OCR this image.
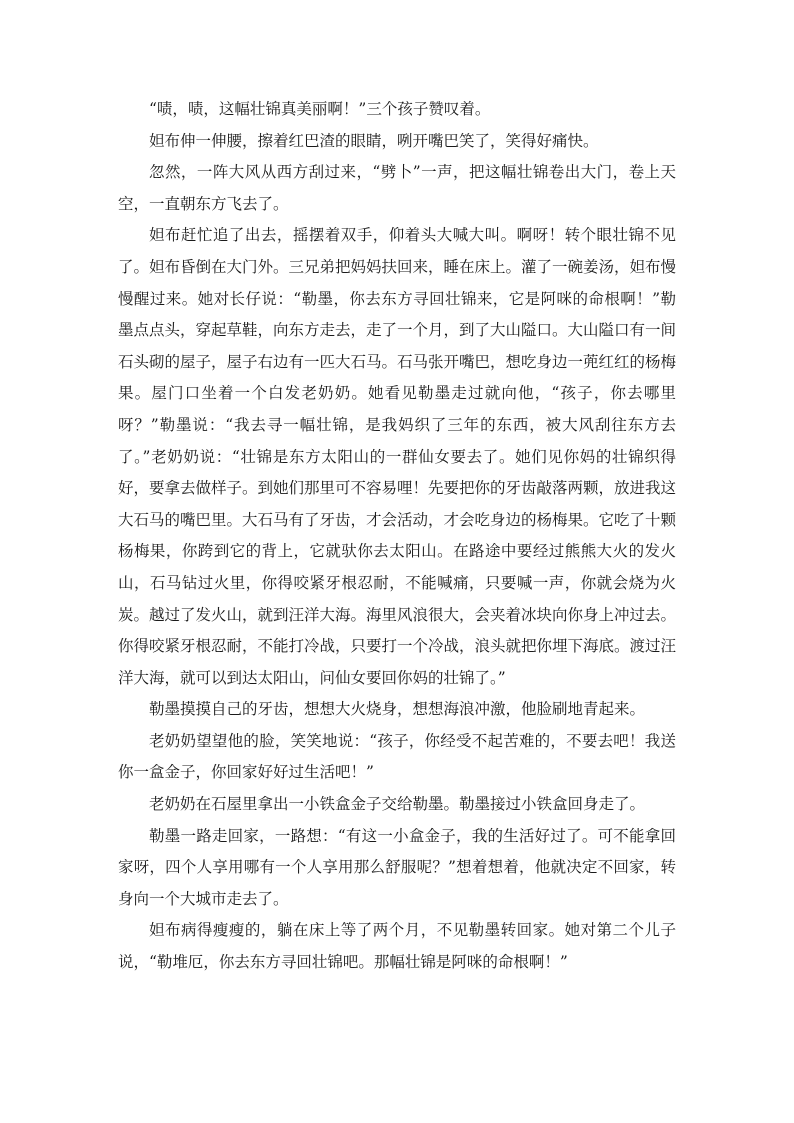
“啧，啧，这幅壮锦真美丽啊！”三个孩子赞叹着。

妲布伸一伸腰，擦着红巴渣的眼睛，咧开嘴巴笑了，笑得好痛快。

忽然，一阵大风从西方刮过来，“劈卜”一声，把这幅壮锦卷出大门，卷上天空，一直朝东方飞去了。

妲布赶忙追了出去，摇摆着双手，仰着头大喊大叫。啊呀！转个眼壮锦不见了。妲布昏倒在大门外。三兄弟把妈妈扶回来，睡在床上。灌了一碗姜汤，妲布慢慢醒过来。她对长仔说：“勒墨，你去东方寻回壮锦来，它是阿咪的命根啊！”勒墨点点头，穿起草鞋，向东方走去，走了一个月，到了大山隘口。大山隘口有一间石头砌的屋子，屋子右边有一匹大石马。石马张开嘴巴，想吃身边一蔸红红的杨梅果。屋门口坐着一个白发老奶奶。她看见勒墨走过就向他，“孩子，你去哪里呀？”勒墨说：“我去寻一幅壮锦，是我妈织了三年的东西，被大风刮往东方去了。”老奶奶说：“壮锦是东方太阳山的一群仙女要去了。她们见你妈的壮锦织得好，要拿去做样子。到她们那里可不容易哩！先要把你的牙齿敲落两颗，放进我这大石马的嘴巴里。大石马有了牙齿，才会活动，才会吃身边的杨梅果。它吃了十颗杨梅果，你跨到它的背上，它就驮你去太阳山。在路途中要经过熊熊大火的发火山，石马钻过火里，你得咬紧牙根忍耐，不能喊痛，只要喊一声，你就会烧为火炭。越过了发火山，就到汪洋大海。海里风浪很大，会夹着冰块向你身上冲过去。你得咬紧牙根忍耐，不能打冷战，只要打一个冷战，浪头就把你埋下海底。渡过汪洋大海，就可以到达太阳山，问仙女要回你妈的壮锦了。”

勒墨摸摸自己的牙齿，想想大火烧身，想想海浪冲激，他脸刷地青起来。

老奶奶望望他的脸，笑笑地说：“孩子，你经受不起苦难的，不要去吧！我送你一盒金子，你回家好好过生活吧！”

老奶奶在石屋里拿出一小铁盒金子交给勒墨。勒墨接过小铁盒回身走了。

勒墨一路走回家，一路想：“有这一小盒金子，我的生活好过了。可不能拿回家呀，四个人享用哪有一个人享用那么舒服呢？”想着想着，他就决定不回家，转身向一个大城市走去了。

妲布病得瘦瘦的，躺在床上等了两个月，不见勒墨转回家。她对第二个儿子说，“勒堆厄，你去东方寻回壮锦吧。那幅壮锦是阿咪的命根啊！”
